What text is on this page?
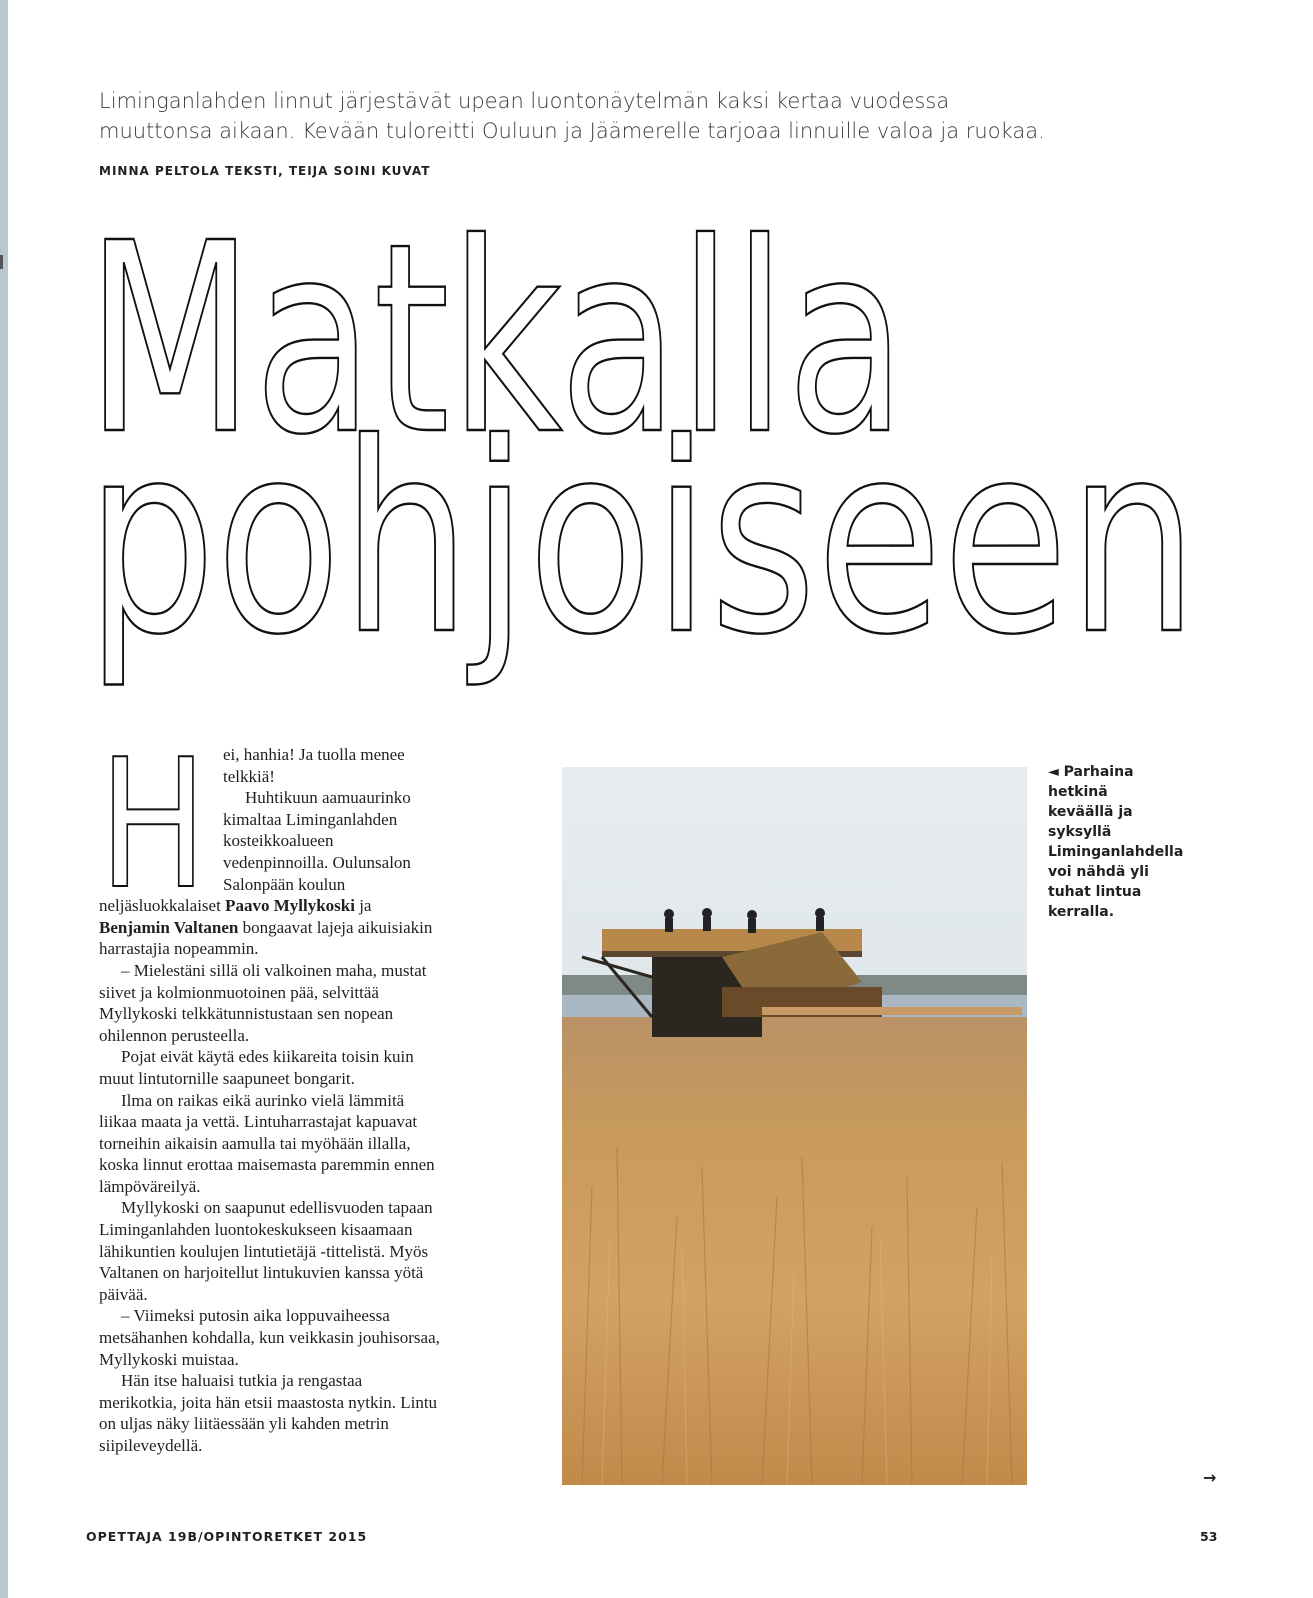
Liminganlahden linnut järjestävät upean luontonäytelmän kaksi kertaa vuodessa muuttonsa aikaan. Kevään tuloreitti Ouluun ja Jäämerelle tarjoaa linnuille valoa ja ruokaa.
MINNA PELTOLA TEKSTI, TEIJA SOINI KUVAT
Matkalla
pohjoiseen
H ei, hanhia! Ja tuolla menee telkkiä!

Huhtikuun aamuaurinko kimaltaa Liminganlahden kosteikkoalueen vedenpinnoilla. Oulunsalon Salonpään koulun neljäsluokkalaiset Paavo Myllykoski ja Benjamin Valtanen bongaavat lajeja aikuisiakin harrastajia nopeammin.

– Mielestäni sillä oli valkoinen maha, mustat siivet ja kolmionmuotoinen pää, selvittää Myllykoski telkkätunnistustaan sen nopean ohilennon perusteella.

Pojat eivät käytä edes kiikareita toisin kuin muut lintutornille saapuneet bongarit.

Ilma on raikas eikä aurinko vielä lämmitä liikaa maata ja vettä. Lintuharrastajat kapuavat torneihin aikaisin aamulla tai myöhään illalla, koska linnut erottaa maisemasta paremmin ennen lämpöväreilyä.

Myllykoski on saapunut edellisvuoden tapaan Liminganlahden luontokeskukseen kisaamaan lähikuntien koulujen lintutietäjä -tittelistä. Myös Valtanen on harjoitellut lintukuvien kanssa yötä päivää.

– Viimeksi putosin aika loppuvaiheessa metsähanhen kohdalla, kun veikkasin jouhisorsaa, Myllykoski muistaa.

Hän itse haluaisi tutkia ja rengastaa merikotkia, joita hän etsii maastosta nytkin. Lintu on uljas näky liitäessään yli kahden metrin siipileveydellä.

◄ Parhaina hetkinä keväällä ja syksyllä Liminganlahdella voi nähdä yli tuhat lintua kerralla.
→
OPETTAJA 19B/OPINTORETKET 2015	53
